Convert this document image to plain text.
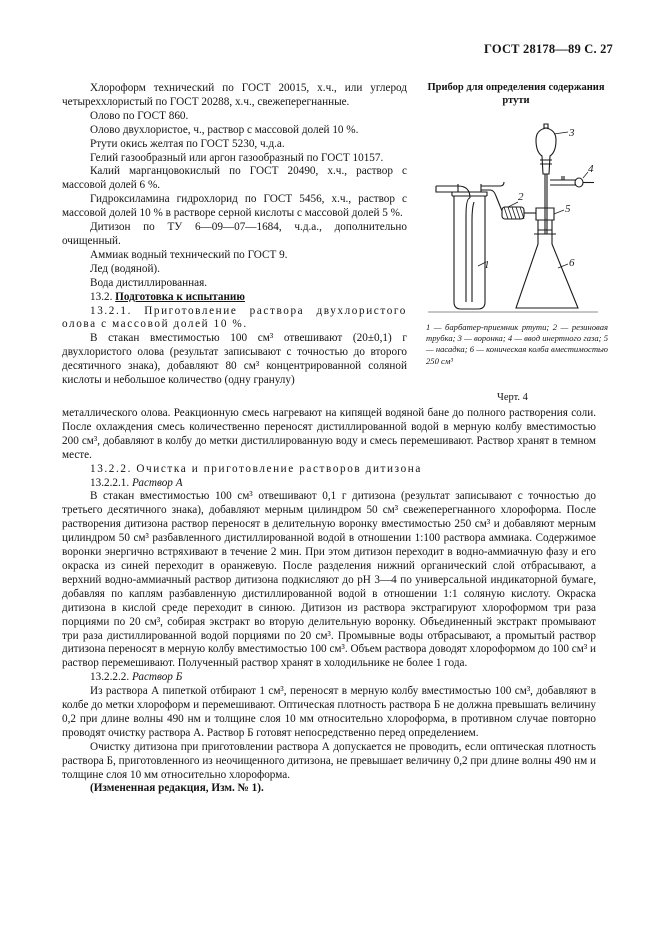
ГОСТ 28178—89 С. 27

Хлороформ технический по ГОСТ 20015, х.ч., или углерод четыреххлористый по ГОСТ 20288, х.ч., свежеперегнанные.

Олово по ГОСТ 860.

Олово двухлористое, ч., раствор с массовой долей 10 %.

Ртути окись желтая по ГОСТ 5230, ч.д.а.

Гелий газообразный или аргон газообразный по ГОСТ 10157.

Калий марганцовокислый по ГОСТ 20490, х.ч., раствор с массовой долей 6 %.

Гидроксиламина гидрохлорид по ГОСТ 5456, х.ч., раствор с массовой долей 10 % в растворе серной кислоты с массовой долей 5 %.

Дитизон по ТУ 6—09—07—1684, ч.д.а., дополнительно очищенный.

Аммиак водный технический по ГОСТ 9.

Лед (водяной).

Вода дистиллированная.

13.2. Подготовка к испытанию

13.2.1. Приготовление раствора двухлористого олова с массовой долей 10 %.

В стакан вместимостью 100 см³ отвешивают (20±0,1) г двухлористого олова (результат записывают с точностью до второго десятичного знака), добавляют 80 см³ концентрированной соляной кислоты и небольшое количество (одну гранулу)

металлического олова. Реакционную смесь нагревают на кипящей водяной бане до полного растворения соли. После охлаждения смесь количественно переносят дистиллированной водой в мерную колбу вместимостью 200 см³, добавляют в колбу до метки дистиллированную воду и смесь перемешивают. Раствор хранят в темном месте.

13.2.2. Очистка и приготовление растворов дитизона

13.2.2.1. Раствор А

В стакан вместимостью 100 см³ отвешивают 0,1 г дитизона (результат записывают с точностью до третьего десятичного знака), добавляют мерным цилиндром 50 см³ свежеперегнанного хлороформа. После растворения дитизона раствор переносят в делительную воронку вместимостью 250 см³ и добавляют мерным цилиндром 50 см³ разбавленного дистиллированной водой в отношении 1:100 раствора аммиака. Содержимое воронки энергично встряхивают в течение 2 мин. При этом дитизон переходит в водно-аммиачную фазу и его окраска из синей переходит в оранжевую. После разделения нижний органический слой отбрасывают, а верхний водно-аммиачный раствор дитизона подкисляют до pH 3—4 по универсальной индикаторной бумаге, добавляя по каплям разбавленную дистиллированной водой в отношении 1:1 соляную кислоту. Окраска дитизона в кислой среде переходит в синюю. Дитизон из раствора экстрагируют хлороформом три раза порциями по 20 см³, собирая экстракт во вторую делительную воронку. Объединенный экстракт промывают три раза дистиллированной водой порциями по 20 см³. Промывные воды отбрасывают, а промытый раствор дитизона переносят в мерную колбу вместимостью 100 см³. Объем раствора доводят хлороформом до 100 см³ и раствор перемешивают. Полученный раствор хранят в холодильнике не более 1 года.

13.2.2.2. Раствор Б

Из раствора А пипеткой отбирают 1 см³, переносят в мерную колбу вместимостью 100 см³, добавляют в колбе до метки хлороформ и перемешивают. Оптическая плотность раствора Б не должна превышать величину 0,2 при длине волны 490 нм и толщине слоя 10 мм относительно хлороформа, в противном случае повторно проводят очистку раствора А. Раствор Б готовят непосредственно перед определением.

Очистку дитизона при приготовлении раствора А допускается не проводить, если оптическая плотность раствора Б, приготовленного из неочищенного дитизона, не превышает величину 0,2 при длине волны 490 нм и толщине слоя 10 мм относительно хлороформа.

(Измененная редакция, Изм. № 1).

Прибор для определения содержания ртути
1
2
3
4
5
6
1 — барбатер-приемник ртути; 2 — резиновая трубка; 3 — воронка; 4 — ввод инертного газа; 5 — насадка; 6 — коническая колба вместимостью 250 см³
Черт. 4
